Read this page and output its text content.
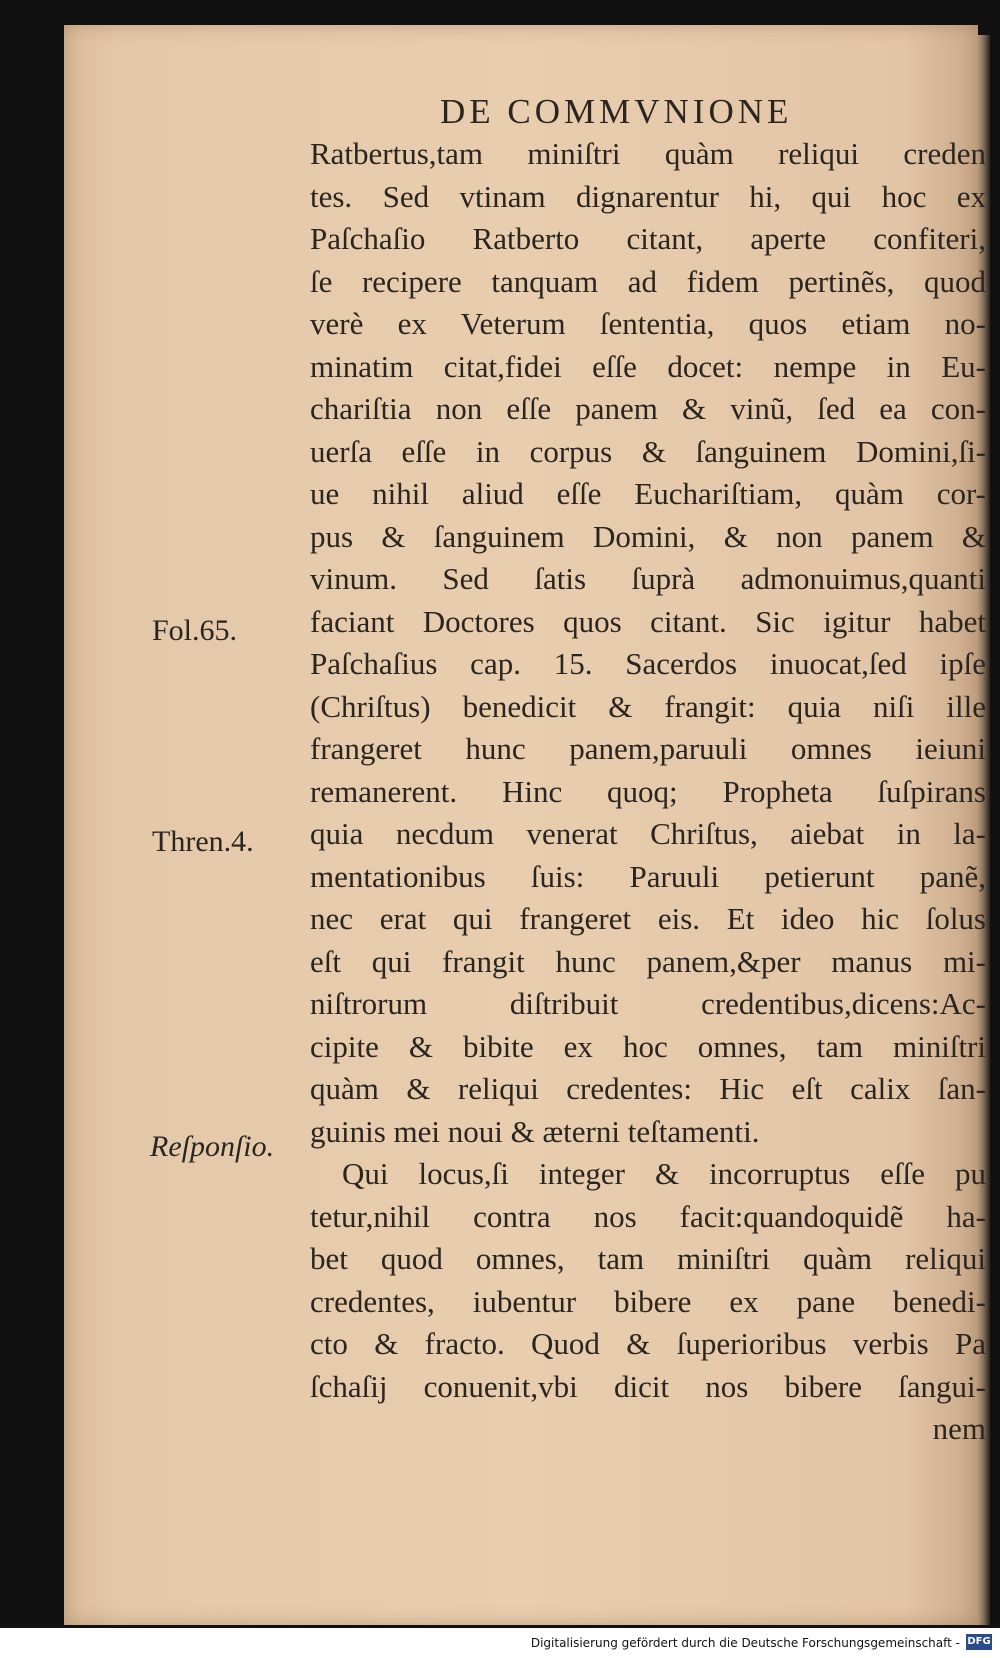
DE COMMVNIONE
Ratbertus,tam miniſtri quàm reliqui creden
tes. Sed vtinam dignarentur hi, qui hoc ex
Paſchaſio Ratberto citant, aperte confiteri,
ſe recipere tanquam ad fidem pertinẽs, quod
verè ex Veterum ſententia, quos etiam no-
minatim citat,fidei eſſe docet: nempe in Eu-
chariſtia non eſſe panem & vinũ, ſed ea con-
uerſa eſſe in corpus & ſanguinem Domini,ſi-
ue nihil aliud eſſe Euchariſtiam, quàm cor-
pus & ſanguinem Domini, & non panem &
vinum. Sed ſatis ſuprà admonuimus,quanti
faciant Doctores quos citant. Sic igitur habet
Paſchaſius cap. 15. Sacerdos inuocat,ſed ipſe
(Chriſtus) benedicit & frangit: quia niſi ille
frangeret hunc panem,paruuli omnes ieiuni
remanerent. Hinc quoq; Propheta ſuſpirans
quia necdum venerat Chriſtus, aiebat in la-
mentationibus ſuis: Paruuli petierunt panẽ,
nec erat qui frangeret eis. Et ideo hic ſolus
eſt qui frangit hunc panem,&per manus mi-
niſtrorum diſtribuit credentibus,dicens:Ac-
cipite & bibite ex hoc omnes, tam miniſtri
quàm & reliqui credentes: Hic eſt calix ſan-
guinis mei noui & æterni teſtamenti.
Qui locus,ſi integer & incorruptus eſſe pu
tetur,nihil contra nos facit:quandoquidẽ ha-
bet quod omnes, tam miniſtri quàm reliqui
credentes, iubentur bibere ex pane benedi-
cto & fracto. Quod & ſuperioribus verbis Pa
ſchaſij conuenit,vbi dicit nos bibere ſangui-
nem
Fol.65.
Thren.4.
Reſponſio.
Digitalisierung gefördert durch die Deutsche Forschungsgemeinschaft - DFG
